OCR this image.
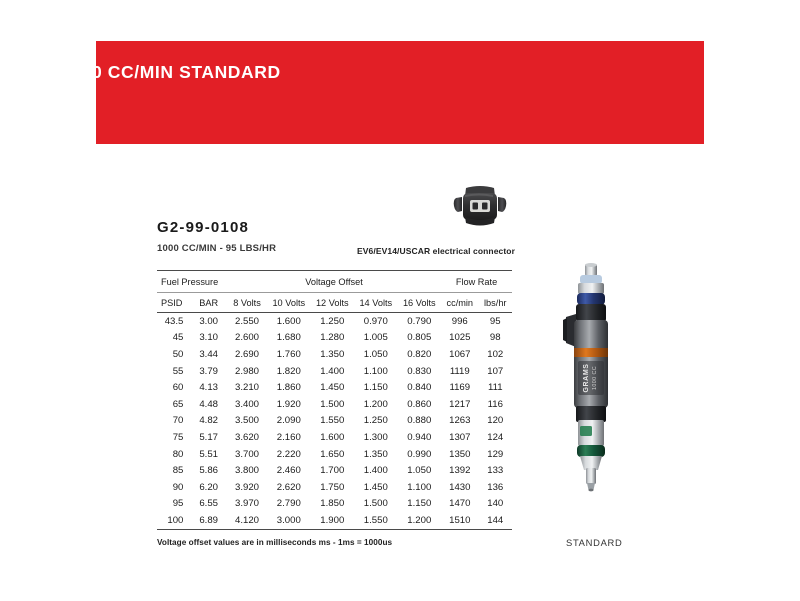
1000 CC/MIN STANDARD
G2-99-0108
1000 CC/MIN - 95 LBS/HR	EV6/EV14/USCAR electrical connector
Fuel Pressure		Voltage Offset					Flow Rate	
PSID	BAR	8 Volts	10 Volts	12 Volts	14 Volts	16 Volts	cc/min	lbs/hr
43.5	3.00	2.550	1.600	1.250	0.970	0.790	996	95
45	3.10	2.600	1.680	1.280	1.005	0.805	1025	98
50	3.44	2.690	1.760	1.350	1.050	0.820	1067	102
55	3.79	2.980	1.820	1.400	1.100	0.830	1119	107
60	4.13	3.210	1.860	1.450	1.150	0.840	1169	111
65	4.48	3.400	1.920	1.500	1.200	0.860	1217	116
70	4.82	3.500	2.090	1.550	1.250	0.880	1263	120
75	5.17	3.620	2.160	1.600	1.300	0.940	1307	124
80	5.51	3.700	2.220	1.650	1.350	0.990	1350	129
85	5.86	3.800	2.460	1.700	1.400	1.050	1392	133
90	6.20	3.920	2.620	1.750	1.450	1.100	1430	136
95	6.55	3.970	2.790	1.850	1.500	1.150	1470	140
100	6.89	4.120	3.000	1.900	1.550	1.200	1510	144
Voltage offset values are in milliseconds ms - 1ms = 1000us
GRAMS 1000 CC
STANDARD
